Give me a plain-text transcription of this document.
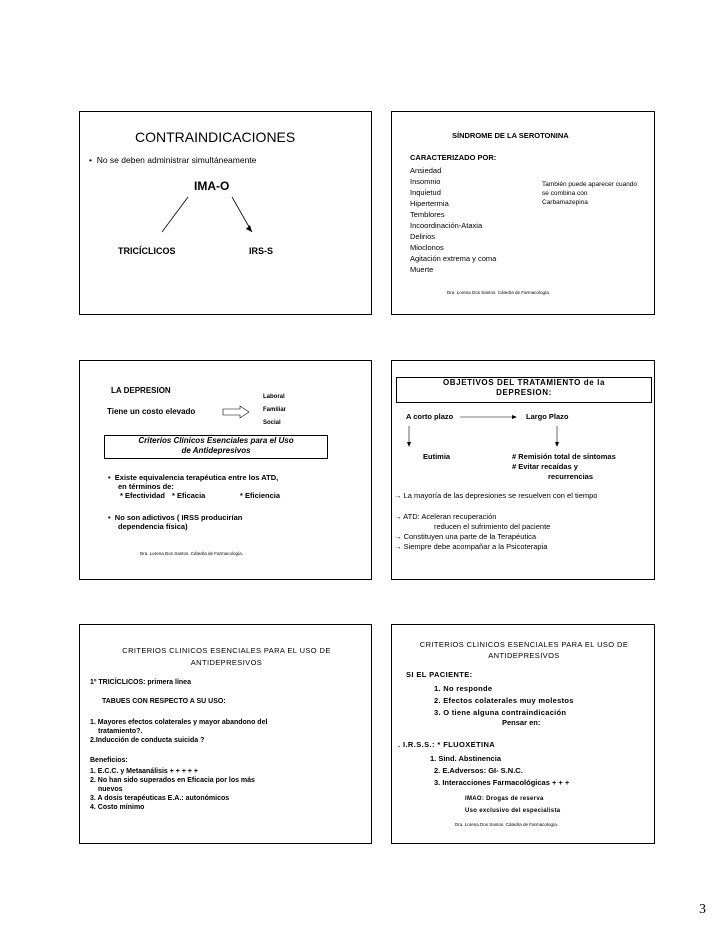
CONTRAINDICACIONES
•  No se deben administrar simultáneamente
IMA-O
TRICÍCLICOS	IRS-S
SÍNDROME DE LA SEROTONINA
CARACTERIZADO POR:
Ansiedad
Insomnio
Inquietud
Hipertermia
Temblores
Incoordinación-Ataxia
Delirios
Mioclonos
Agitación extrema y coma
Muerte
También puede aparecer cuando
se combina con
Carbamazepina
Dra. Lorena Dos Santos. Cátedra de Farmacología.
LA DEPRESION
Tiene un costo elevado
Laboral
Familiar
Social
Criterios Clínicos Esenciales para el Uso
de Antidepresivos
•  Existe equivalencia terapéutica entre los ATD,
en términos de:
* Efectividad * Eficacia	* Eficiencia
•  No son adictivos ( IRSS producirían
dependencia física)
Dra. Lorena Dos Santos. Cátedra de Farmacología.
OBJETIVOS DEL TRATAMIENTO de la
DEPRESION:
A corto plazo	Largo Plazo
Eutimia	# Remisión total de síntomas
# Evitar recaídas y
recurrencias
→ La mayoría de las depresiones se resuelven con el tiempo
→ ATD: Aceleran recuperación
reducen el sufrimiento del paciente
→ Constituyen una parte de la Terapéutica
→ Siempre debe acompañar a la Psicoterapia
CRITERIOS CLINICOS ESENCIALES PARA EL USO DE
ANTIDEPRESIVOS
1º TRICÍCLICOS: primera línea
TABUES CON RESPECTO A SU USO:
1. Mayores efectos colaterales y mayor abandono del
tratamiento?.
2.Inducción de conducta suicida ?
Beneficios:
1. E.C.C. y Metaanálisis + + + + +
2. No han sido superados en Eficacia por los más
nuevos
3. A dosis terapéuticas E.A.: autonómicos
4. Costo mínimo
CRITERIOS CLINICOS ESENCIALES PARA EL USO DE
ANTIDEPRESIVOS
SI EL PACIENTE:
1. No responde
2. Efectos colaterales muy molestos
3. O tiene alguna contraindicación
Pensar en:
. I.R.S.S.: * FLUOXETINA
1. Sind. Abstinencia
2. E.Adversos: GI- S.N.C.
3. Interacciones Farmacológicas + + +
IMAO: Drogas de reserva
Uso exclusivo del especialista
Dra. Lorena Dos Santos. Cátedra de Farmacología.
3
